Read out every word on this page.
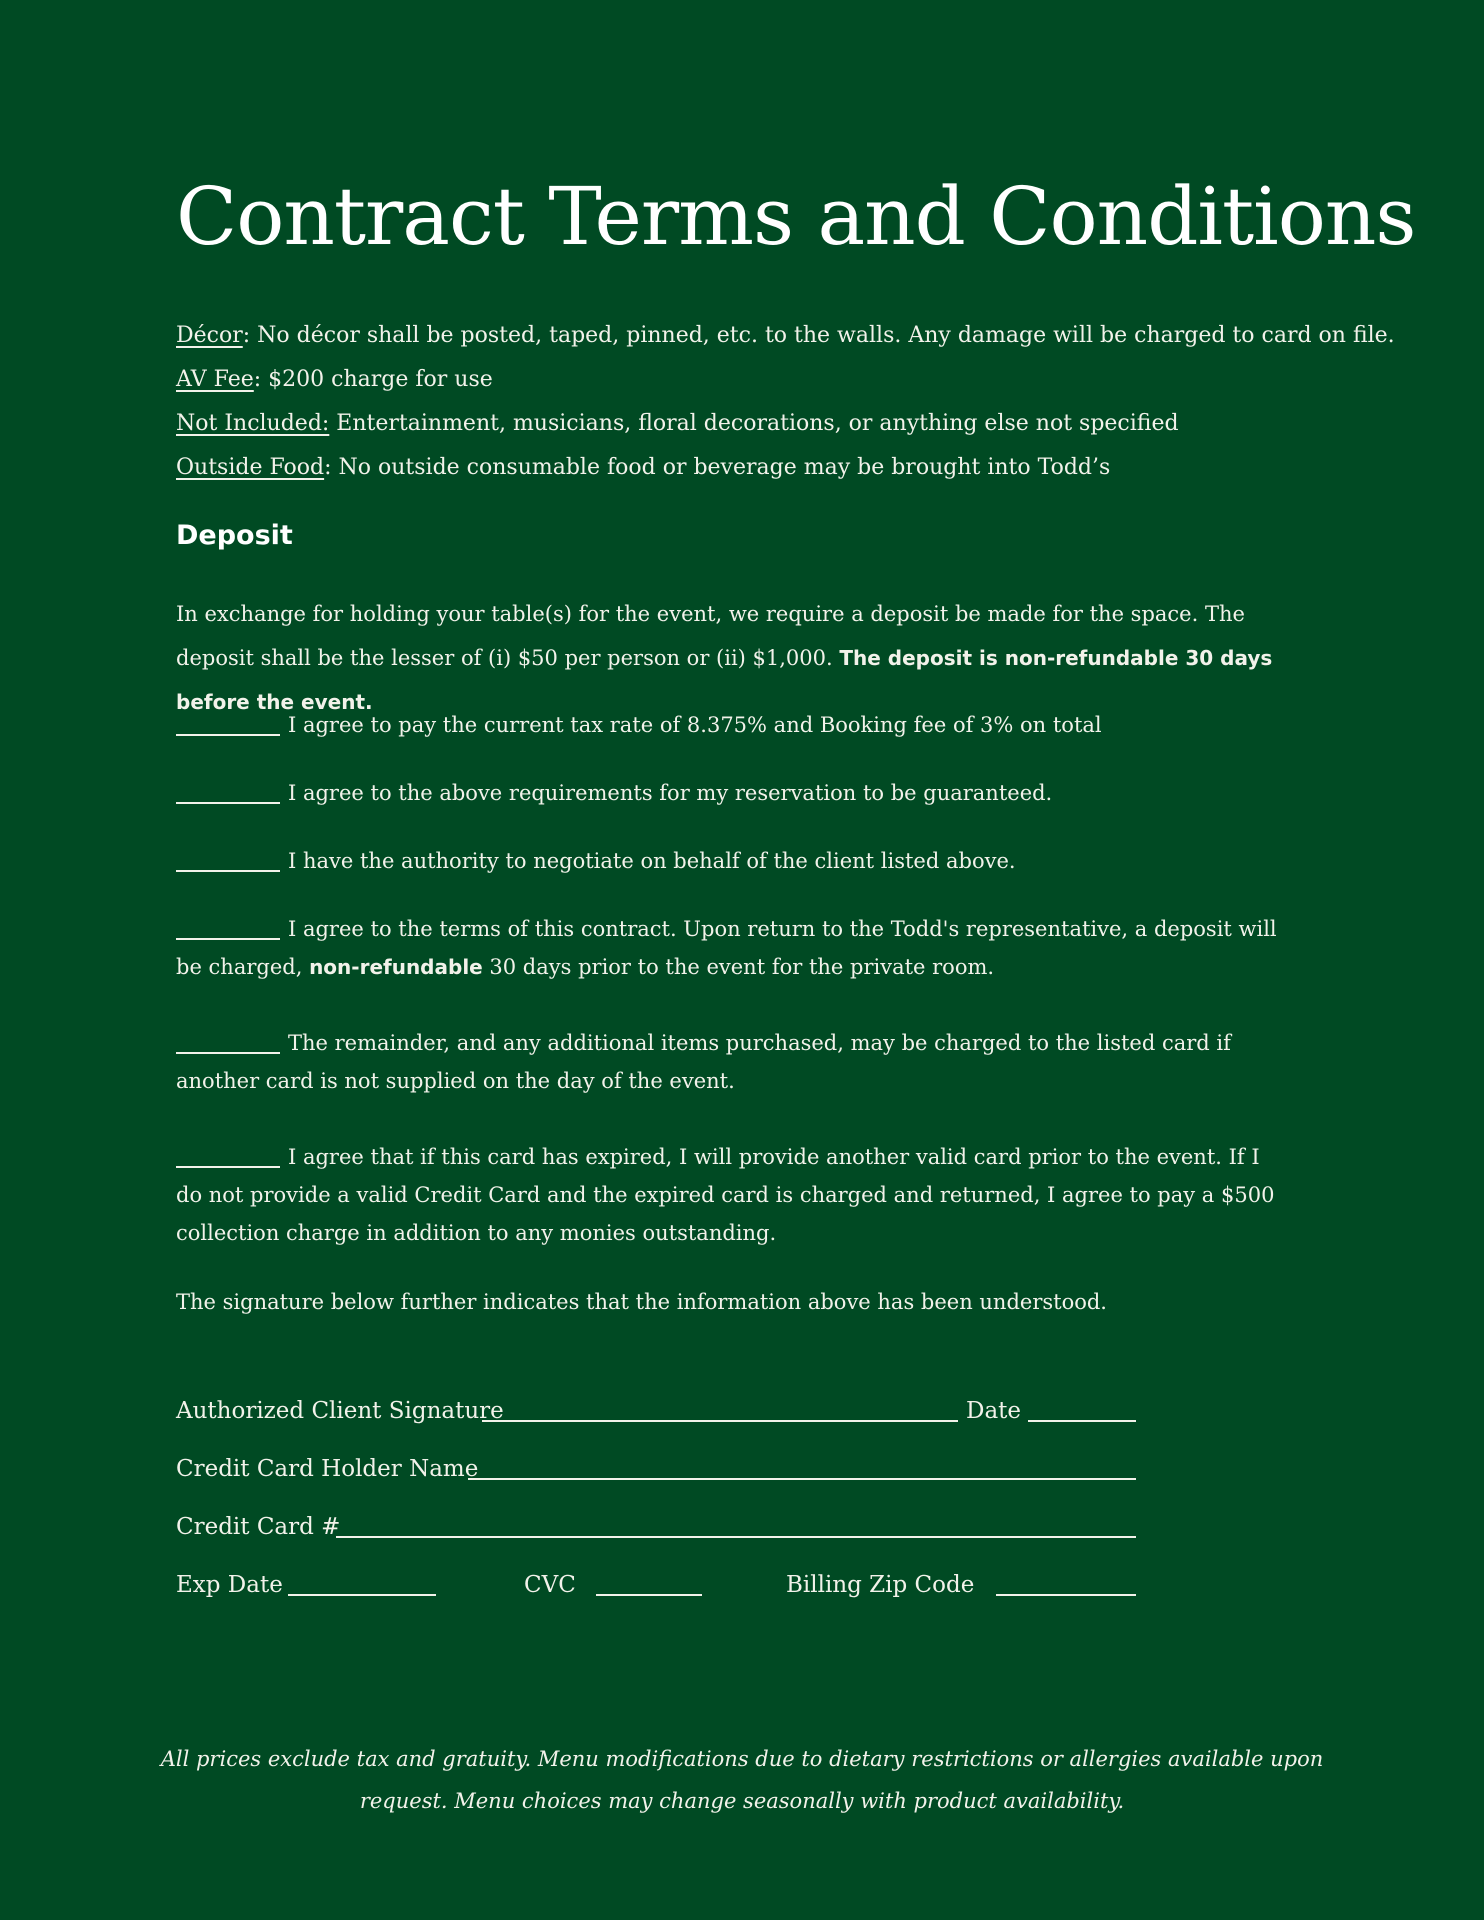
Contract Terms and Conditions
Décor: No décor shall be posted, taped, pinned, etc. to the walls. Any damage will be charged to card on file.
AV Fee: $200 charge for use
Not Included: Entertainment, musicians, floral decorations, or anything else not specified
Outside Food: No outside consumable food or beverage may be brought into Todd’s
Deposit

In exchange for holding your table(s) for the event, we require a deposit be made for the space. The deposit shall be the lesser of (i) $50 per person or (ii) $1,000. The deposit is non-refundable 30 days before the event.

I agree to pay the current tax rate of 8.375% and Booking fee of 3% on total

I agree to the above requirements for my reservation to be guaranteed.

I have the authority to negotiate on behalf of the client listed above.

I agree to the terms of this contract. Upon return to the Todd's representative, a deposit will be charged, non-refundable 30 days prior to the event for the private room.

The remainder, and any additional items purchased, may be charged to the listed card if another card is not supplied on the day of the event.

I agree that if this card has expired, I will provide another valid card prior to the event. If I do not provide a valid Credit Card and the expired card is charged and returned, I agree to pay a $500 collection charge in addition to any monies outstanding.

The signature below further indicates that the information above has been understood.

Authorized Client Signature	Date
Credit Card Holder Name
Credit Card #
Exp Date	CVC	Billing Zip Code

All prices exclude tax and gratuity. Menu modifications due to dietary restrictions or allergies available upon
request. Menu choices may change seasonally with product availability.
